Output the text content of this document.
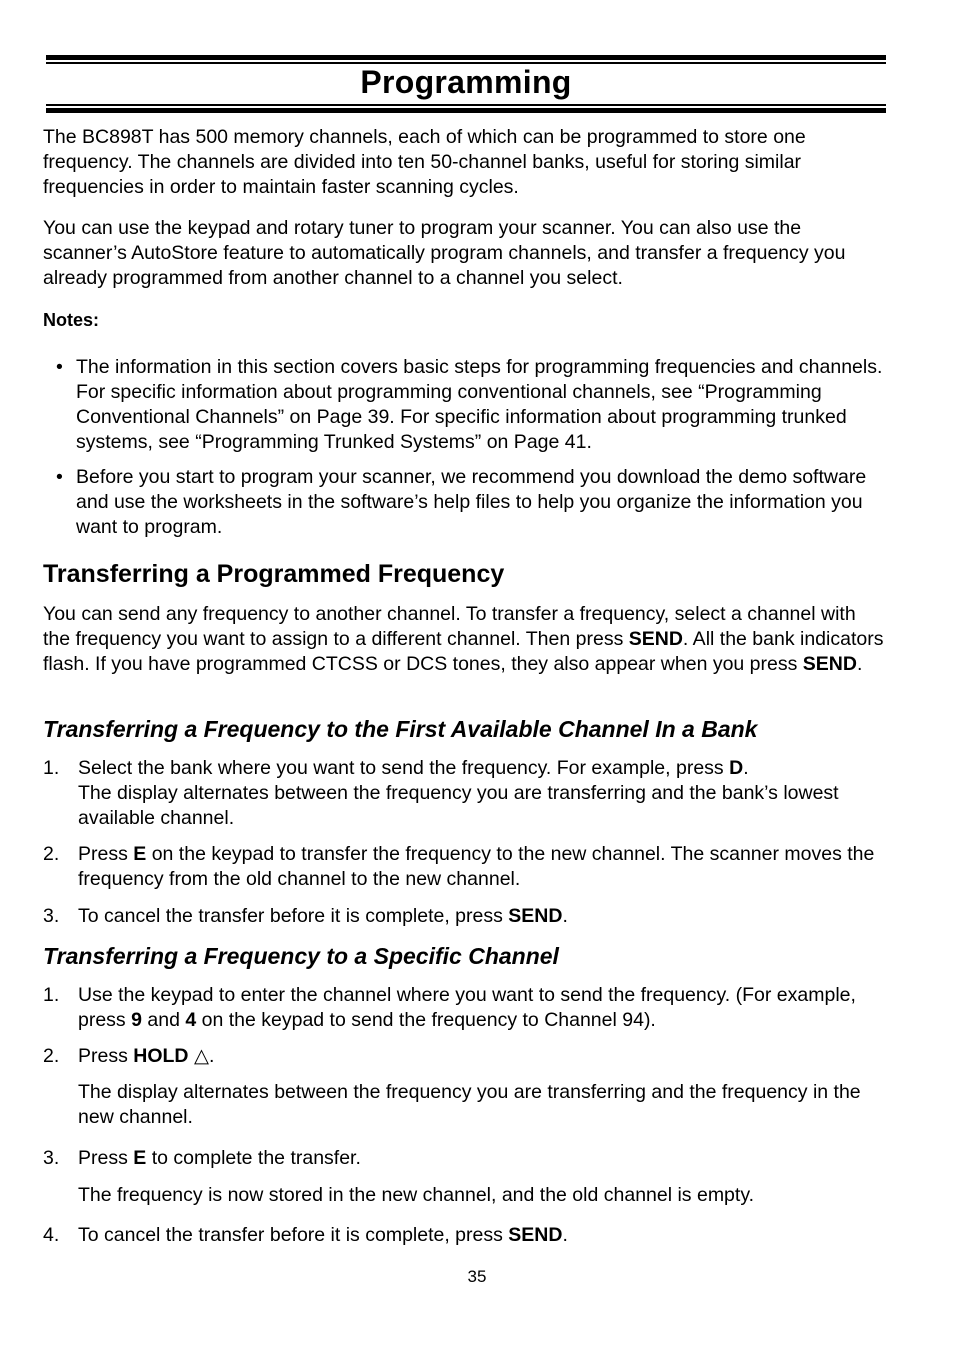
Programming

The BC898T has 500 memory channels, each of which can be programmed to store one frequency. The channels are divided into ten 50-channel banks, useful for storing similar frequencies in order to maintain faster scanning cycles.

You can use the keypad and rotary tuner to program your scanner. You can also use the scanner’s AutoStore feature to automatically program channels, and transfer a frequency you already programmed from another channel to a channel you select.

Notes:
• The information in this section covers basic steps for programming frequencies and channels. For specific information about programming conventional channels, see “Programming Conventional Channels” on Page 39. For specific information about programming trunked systems, see “Programming Trunked Systems” on Page 41.
• Before you start to program your scanner, we recommend you download the demo software and use the worksheets in the software’s help files to help you organize the information you want to program.
Transferring a Programmed Frequency

You can send any frequency to another channel. To transfer a frequency, select a channel with the frequency you want to assign to a different channel. Then press SEND. All the bank indicators flash. If you have programmed CTCSS or DCS tones, they also appear when you press SEND.

Transferring a Frequency to the First Available Channel In a Bank
1. Select the bank where you want to send the frequency. For example, press D.
The display alternates between the frequency you are transferring and the bank’s lowest available channel.
2. Press E on the keypad to transfer the frequency to the new channel. The scanner moves the frequency from the old channel to the new channel.
3. To cancel the transfer before it is complete, press SEND.
Transferring a Frequency to a Specific Channel
1. Use the keypad to enter the channel where you want to send the frequency. (For example, press 9 and 4 on the keypad to send the frequency to Channel 94).
2. Press HOLD △.

The display alternates between the frequency you are transferring and the frequency in the new channel.

3. Press E to complete the transfer.

The frequency is now stored in the new channel, and the old channel is empty.

4. To cancel the transfer before it is complete, press SEND.
35
